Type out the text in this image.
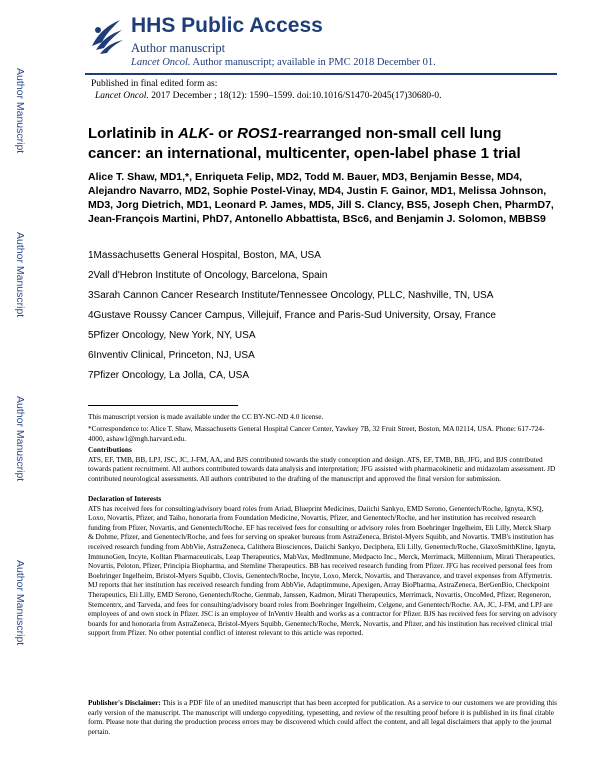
Author Manuscript
Author Manuscript
Author Manuscript
Author Manuscript
HHS Public Access
Author manuscript
Lancet Oncol. Author manuscript; available in PMC 2018 December 01.
Published in final edited form as:
Lancet Oncol. 2017 December ; 18(12): 1590–1599. doi:10.1016/S1470-2045(17)30680-0.
Lorlatinib in ALK- or ROS1-rearranged non-small cell lung cancer: an international, multicenter, open-label phase 1 trial
Alice T. Shaw, MD1,*, Enriqueta Felip, MD2, Todd M. Bauer, MD3, Benjamin Besse, MD4, Alejandro Navarro, MD2, Sophie Postel-Vinay, MD4, Justin F. Gainor, MD1, Melissa Johnson, MD3, Jorg Dietrich, MD1, Leonard P. James, MD5, Jill S. Clancy, BS5, Joseph Chen, PharmD7, Jean-François Martini, PhD7, Antonello Abbattista, BSc6, and Benjamin J. Solomon, MBBS9
1Massachusetts General Hospital, Boston, MA, USA
2Vall d'Hebron Institute of Oncology, Barcelona, Spain
3Sarah Cannon Cancer Research Institute/Tennessee Oncology, PLLC, Nashville, TN, USA
4Gustave Roussy Cancer Campus, Villejuif, France and Paris-Sud University, Orsay, France
5Pfizer Oncology, New York, NY, USA
6Inventiv Clinical, Princeton, NJ, USA
7Pfizer Oncology, La Jolla, CA, USA
This manuscript version is made available under the CC BY-NC-ND 4.0 license.
*Correspondence to: Alice T. Shaw, Massachusetts General Hospital Cancer Center, Yawkey 7B, 32 Fruit Street, Boston, MA 02114, USA. Phone: 617-724-4000, ashaw1@mgh.harvard.edu.
Contributions
ATS, EF, TMB, BB, LPJ, JSC, JC, J-FM, AA, and BJS contributed towards the study conception and design. ATS, EF, TMB, BB, JFG, and BJS contributed towards patient recruitment. All authors contributed towards data analysis and interpretation; JFG assisted with pharmacokinetic and midazolam assessment. JD contributed neurological assessments. All authors contributed to the drafting of the manuscript and approved the final version for submission.
Declaration of Interests
ATS has received fees for consulting/advisory board roles from Ariad, Blueprint Medicines, Daiichi Sankyo, EMD Serono, Genentech/Roche, Ignyta, KSQ, Loxo, Novartis, Pfizer, and Taiho, honoraria from Foundation Medicine, Novartis, Pfizer, and Genentech/Roche, and her institution has received research funding from Pfizer, Novartis, and Genentech/Roche. EF has received fees for consulting or advisory roles from Boehringer Ingelheim, Eli Lilly, Merck Sharp & Dohme, Pfizer, and Genentech/Roche, and fees for serving on speaker bureaus from AstraZeneca, Bristol-Myers Squibb, and Novartis. TMB's institution has received research funding from AbbVie, AstraZeneca, Calithera Biosciences, Daiichi Sankyo, Deciphera, Eli Lilly, Genentech/Roche, GlaxoSmithKline, Ignyta, ImmunoGen, Incyte, Kolltan Pharmaceuticals, Leap Therapeutics, MabVax, MedImmune, Medpacto Inc., Merck, Merrimack, Millennium, Mirati Therapeutics, Novartis, Peloton, Pfizer, Principia Biopharma, and Stemline Therapeutics. BB has received research funding from Pfizer. JFG has received personal fees from Boehringer Ingelheim, Bristol-Myers Squibb, Clovis, Genentech/Roche, Incyte, Loxo, Merck, Novartis, and Theravance, and travel expenses from Affymetrix. MJ reports that her institution has received research funding from AbbVie, Adaptimmune, Apexigen, Array BioPharma, AstraZeneca, BerGenBio, Checkpoint Therapeutics, Eli Lilly, EMD Serono, Genentech/Roche, Genmab, Janssen, Kadmon, Mirati Therapeutics, Merrimack, Novartis, OncoMed, Pfizer, Regeneron, Stemcentrx, and Tarveda, and fees for consulting/advisory board roles from Boehringer Ingelheim, Celgene, and Genentech/Roche. AA, JC, J-FM, and LPJ are employees of and own stock in Pfizer. JSC is an employee of InVentiv Health and works as a contractor for Pfizer. BJS has received fees for serving on advisory boards for and honoraria from AstraZeneca, Bristol-Myers Squibb, Genentech/Roche, Merck, Novartis, and Pfizer, and his institution has received clinical trial support from Pfizer. No other potential conflict of interest relevant to this article was reported.
Publisher's Disclaimer: This is a PDF file of an unedited manuscript that has been accepted for publication. As a service to our customers we are providing this early version of the manuscript. The manuscript will undergo copyediting, typesetting, and review of the resulting proof before it is published in its final citable form. Please note that during the production process errors may be discovered which could affect the content, and all legal disclaimers that apply to the journal pertain.
